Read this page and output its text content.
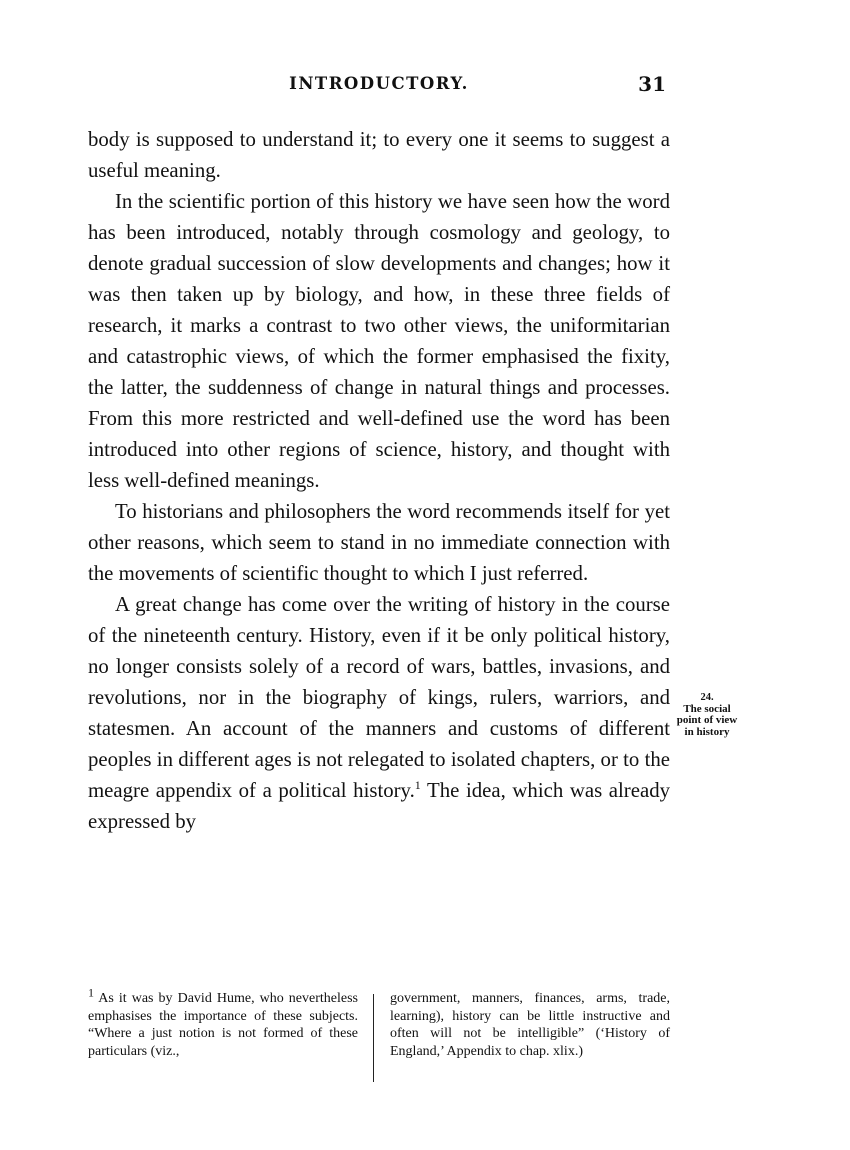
INTRODUCTORY.	31

body is supposed to understand it; to every one it seems to suggest a useful meaning.

In the scientific portion of this history we have seen how the word has been introduced, notably through cosmology and geology, to denote gradual succession of slow developments and changes; how it was then taken up by biology, and how, in these three fields of research, it marks a contrast to two other views, the uniformitarian and catastrophic views, of which the former emphasised the fixity, the latter, the suddenness of change in natural things and processes. From this more restricted and well-defined use the word has been introduced into other regions of science, history, and thought with less well-defined meanings.

To historians and philosophers the word recommends itself for yet other reasons, which seem to stand in no immediate connection with the movements of scientific thought to which I just referred.

A great change has come over the writing of history in the course of the nineteenth century. History, even if it be only political history, no longer consists solely of a record of wars, battles, invasions, and revolutions, nor in the biography of kings, rulers, warriors, and statesmen. An account of the manners and customs of different peoples in different ages is not relegated to isolated chapters, or to the meagre appendix of a political history.$^1$ The idea, which was already expressed by

24.
The social point of view in history
$^1$ As it was by David Hume, who nevertheless emphasises the importance of these subjects. “Where a just notion is not formed of these particulars (viz.,
government, manners, finances, arms, trade, learning), history can be little instructive and often will not be intelligible” (‘History of England,’ Appendix to chap. xlix.)
